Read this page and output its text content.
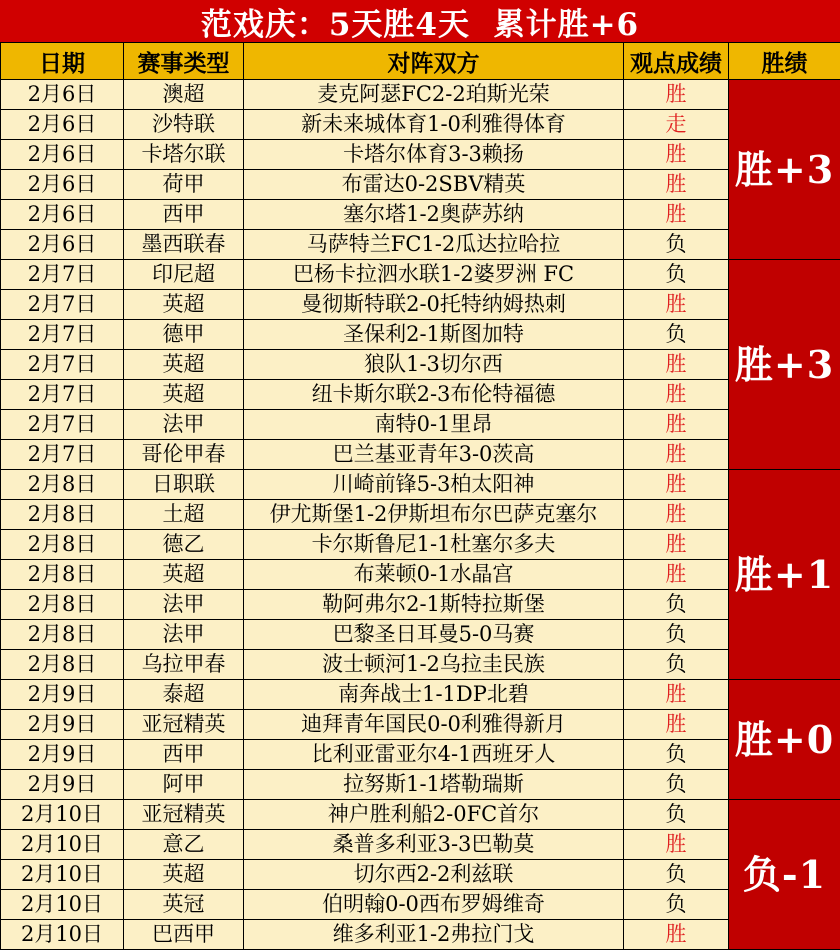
范戏庆：5天胜4天  累计胜+6
日期	赛事类型	对阵双方	观点成绩	胜绩
2月6日	澳超	麦克阿瑟FC2-2珀斯光荣	胜	胜+3
2月6日	沙特联	新未来城体育1-0利雅得体育	走	
2月6日	卡塔尔联	卡塔尔体育3-3赖扬	胜	
2月6日	荷甲	布雷达0-2SBV精英	胜	
2月6日	西甲	塞尔塔1-2奥萨苏纳	胜	
2月6日	墨西联春	马萨特兰FC1-2瓜达拉哈拉	负	
2月7日	印尼超	巴杨卡拉泗水联1-2婆罗洲 FC	负	胜+3
2月7日	英超	曼彻斯特联2-0托特纳姆热刺	胜	
2月7日	德甲	圣保利2-1斯图加特	负	
2月7日	英超	狼队1-3切尔西	胜	
2月7日	英超	纽卡斯尔联2-3布伦特福德	胜	
2月7日	法甲	南特0-1里昂	胜	
2月7日	哥伦甲春	巴兰基亚青年3-0茨高	胜	
2月8日	日职联	川崎前锋5-3柏太阳神	胜	胜+1
2月8日	土超	伊尤斯堡1-2伊斯坦布尔巴萨克塞尔	胜	
2月8日	德乙	卡尔斯鲁尼1-1杜塞尔多夫	胜	
2月8日	英超	布莱顿0-1水晶宫	胜	
2月8日	法甲	勒阿弗尔2-1斯特拉斯堡	负	
2月8日	法甲	巴黎圣日耳曼5-0马赛	负	
2月8日	乌拉甲春	波士顿河1-2乌拉圭民族	负	
2月9日	泰超	南奔战士1-1DP北碧	胜	胜+0
2月9日	亚冠精英	迪拜青年国民0-0利雅得新月	胜	
2月9日	西甲	比利亚雷亚尔4-1西班牙人	负	
2月9日	阿甲	拉努斯1-1塔勒瑞斯	负	
2月10日	亚冠精英	神户胜利船2-0FC首尔	负	负-1
2月10日	意乙	桑普多利亚3-3巴勒莫	胜	
2月10日	英超	切尔西2-2利兹联	负	
2月10日	英冠	伯明翰0-0西布罗姆维奇	负	
2月10日	巴西甲	维多利亚1-2弗拉门戈	胜	
